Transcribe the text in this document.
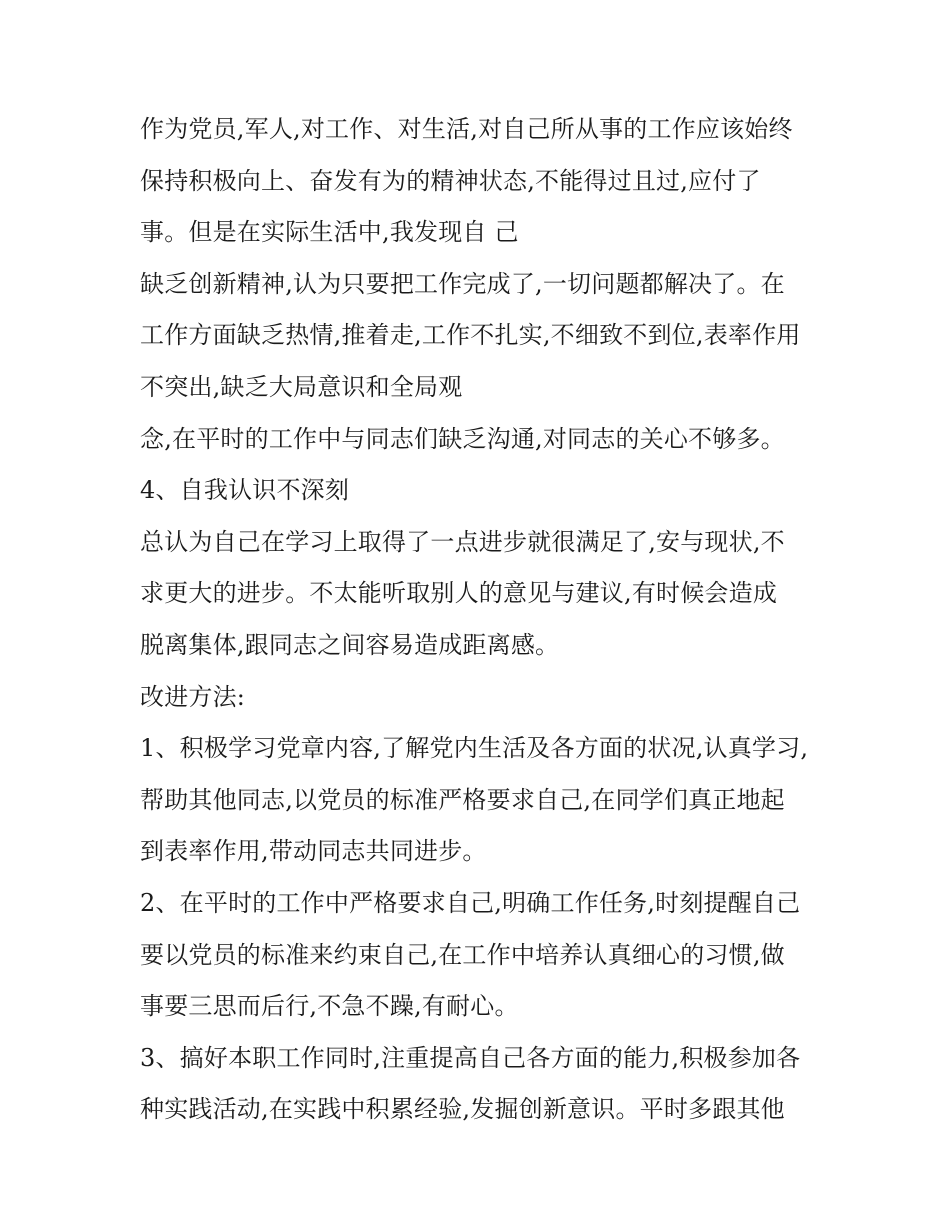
作为党员,军人,对工作、对生活,对自己所从事的工作应该始终
保持积极向上、奋发有为的精神状态,不能得过且过,应付了
事。但是在实际生活中,我发现自 己
缺乏创新精神,认为只要把工作完成了,一切问题都解决了。在
工作方面缺乏热情,推着走,工作不扎实,不细致不到位,表率作用
不突出,缺乏大局意识和全局观
念,在平时的工作中与同志们缺乏沟通,对同志的关心不够多。
4、自我认识不深刻
总认为自己在学习上取得了一点进步就很满足了,安与现状,不
求更大的进步。不太能听取别人的意见与建议,有时候会造成
脱离集体,跟同志之间容易造成距离感。
改进方法:
1、积极学习党章内容,了解党内生活及各方面的状况,认真学习,
帮助其他同志,以党员的标准严格要求自己,在同学们真正地起
到表率作用,带动同志共同进步。
2、在平时的工作中严格要求自己,明确工作任务,时刻提醒自己
要以党员的标准来约束自己,在工作中培养认真细心的习惯,做
事要三思而后行,不急不躁,有耐心。
3、搞好本职工作同时,注重提高自己各方面的能力,积极参加各
种实践活动,在实践中积累经验,发掘创新意识。平时多跟其他
